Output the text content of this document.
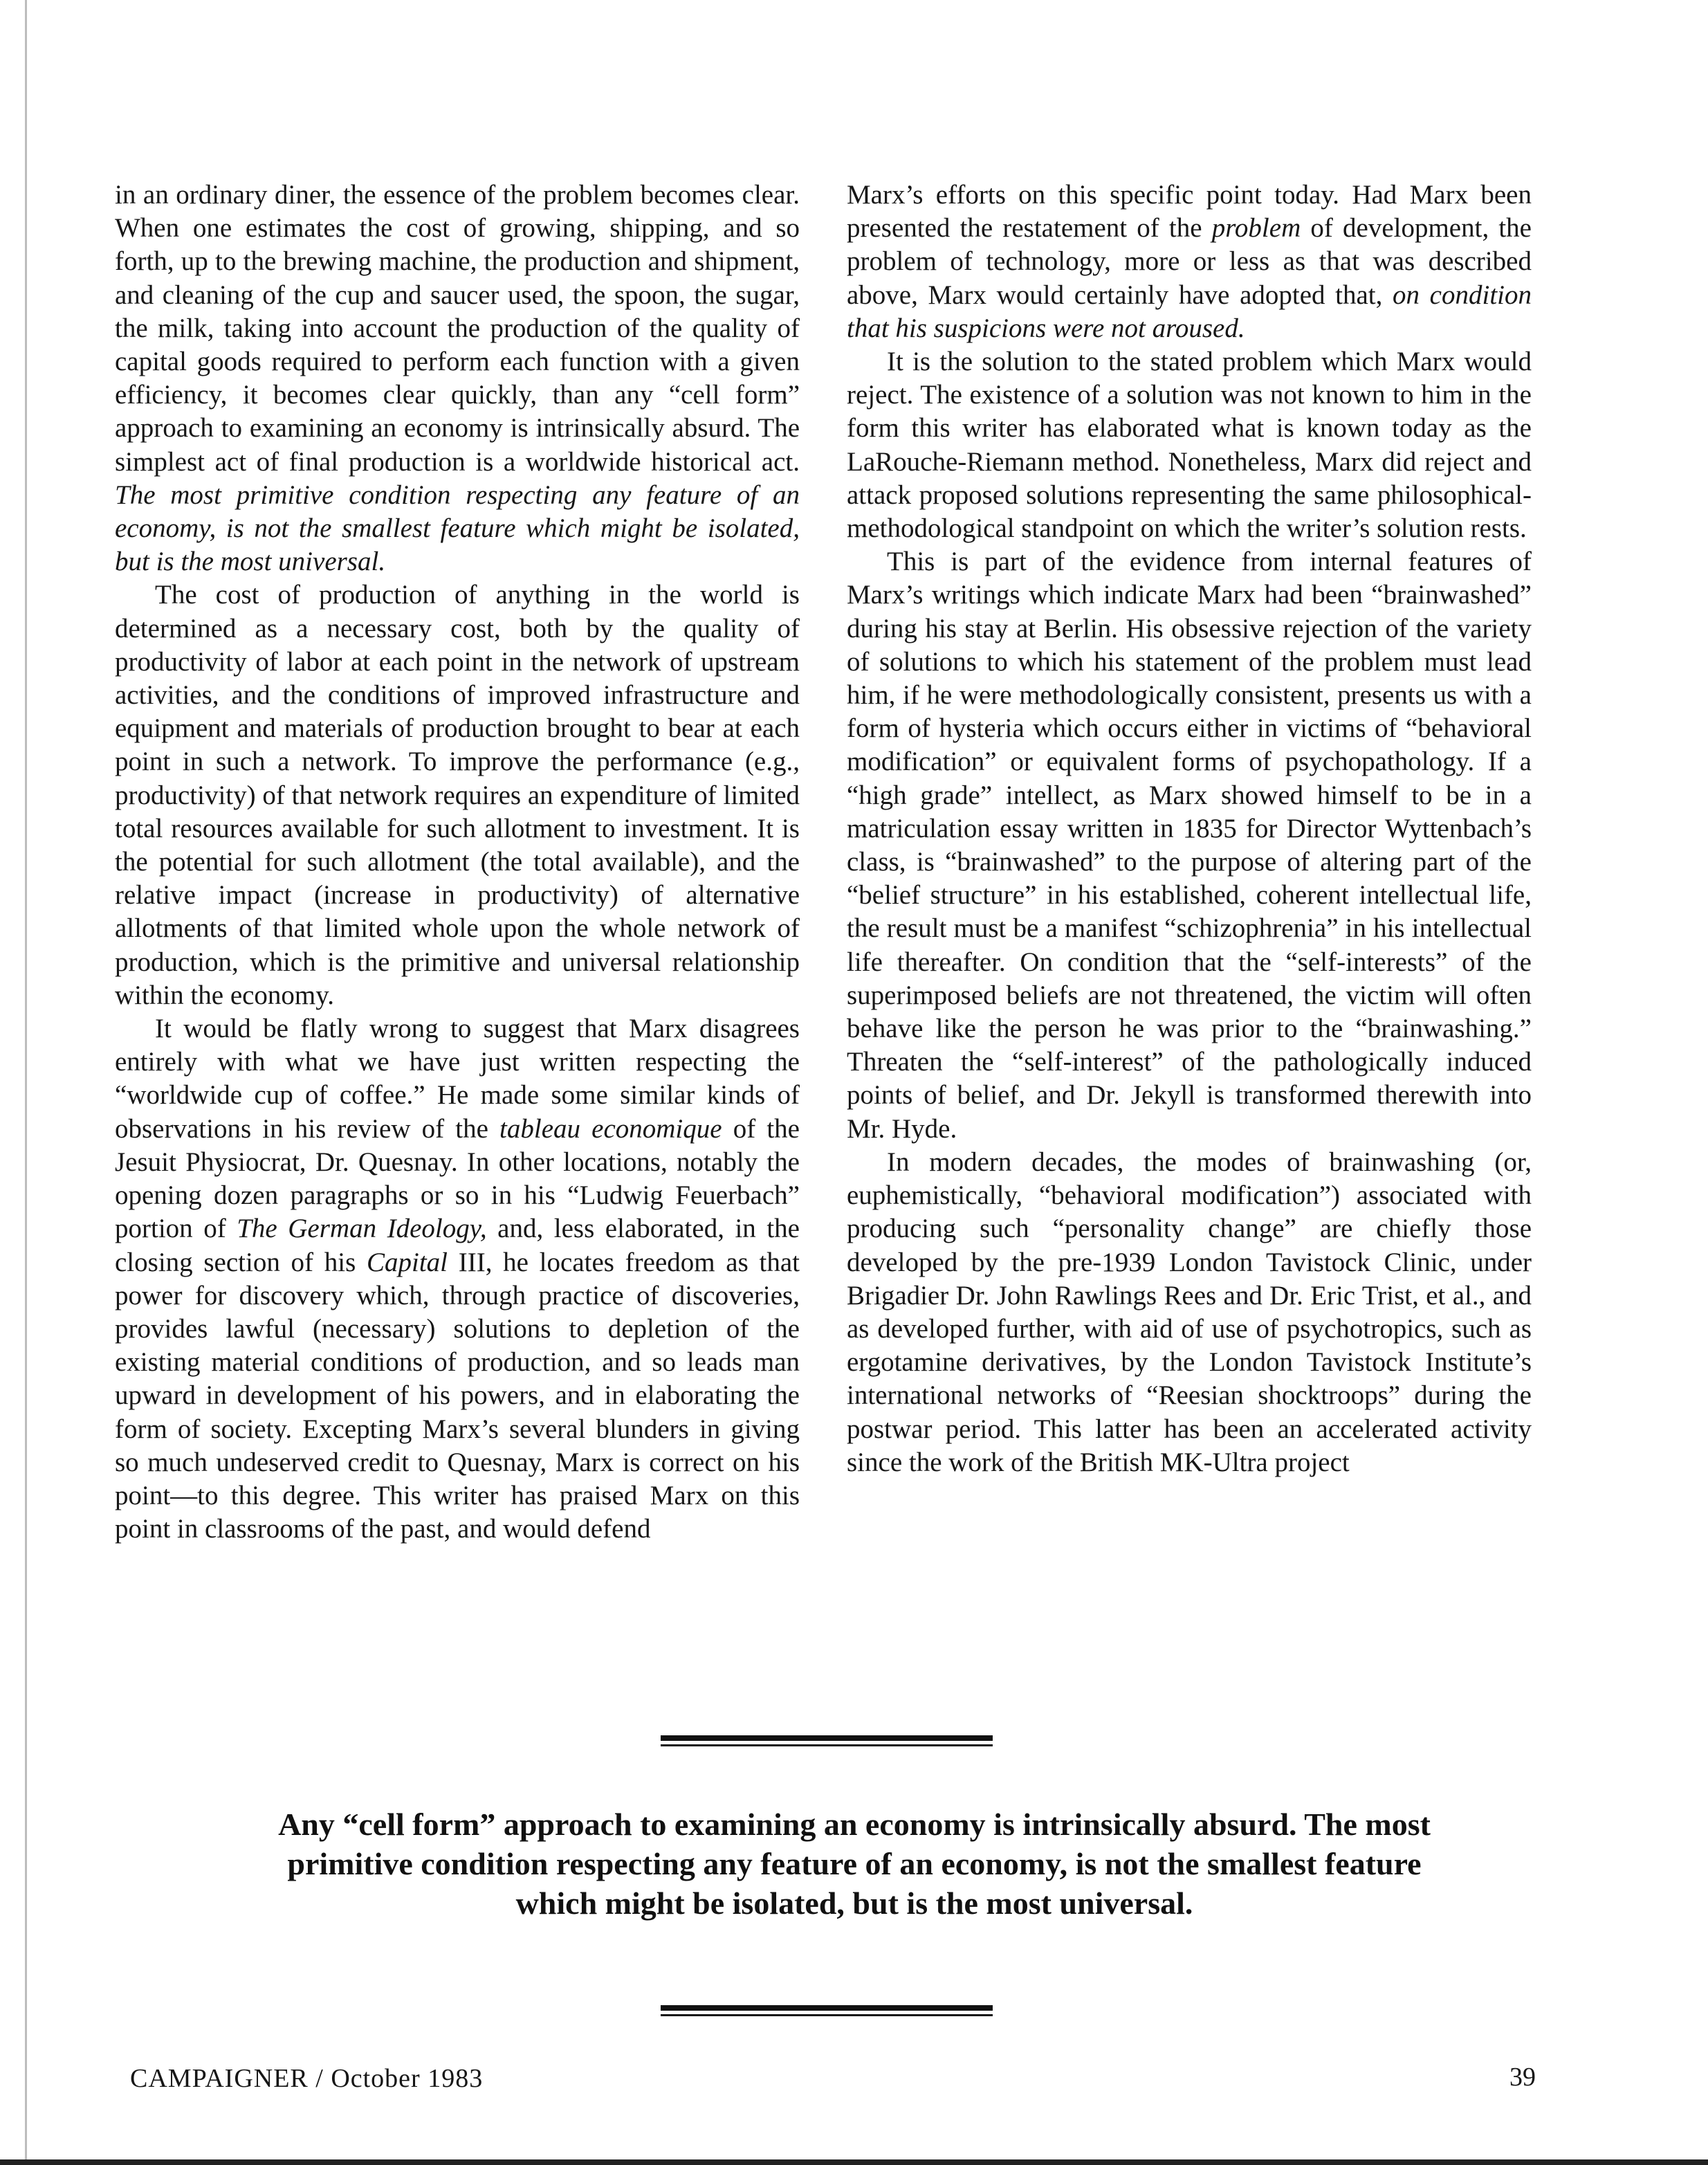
in an ordinary diner, the essence of the problem becomes clear. When one estimates the cost of growing, shipping, and so forth, up to the brewing machine, the production and shipment, and cleaning of the cup and saucer used, the spoon, the sugar, the milk, taking into account the production of the quality of capital goods required to perform each function with a given efficiency, it becomes clear quickly, than any “cell form” approach to examining an economy is intrinsically absurd. The simplest act of final production is a worldwide historical act. The most primitive condition respecting any feature of an economy, is not the smallest feature which might be isolated, but is the most universal.

The cost of production of anything in the world is determined as a necessary cost, both by the quality of productivity of labor at each point in the network of upstream activities, and the conditions of improved infrastructure and equipment and materials of production brought to bear at each point in such a network. To improve the performance (e.g., productivity) of that network requires an expenditure of limited total resources available for such allotment to investment. It is the potential for such allotment (the total available), and the relative impact (increase in productivity) of alternative allotments of that limited whole upon the whole network of production, which is the primitive and universal relationship within the economy.

It would be flatly wrong to suggest that Marx disagrees entirely with what we have just written respecting the “worldwide cup of coffee.” He made some similar kinds of observations in his review of the tableau economique of the Jesuit Physiocrat, Dr. Quesnay. In other locations, notably the opening dozen paragraphs or so in his “Ludwig Feuerbach” portion of The German Ideology, and, less elaborated, in the closing section of his Capital III, he locates freedom as that power for discovery which, through practice of discoveries, provides lawful (necessary) solutions to depletion of the existing material conditions of production, and so leads man upward in development of his powers, and in elaborating the form of society. Excepting Marx’s several blunders in giving so much undeserved credit to Quesnay, Marx is correct on his point—to this degree. This writer has praised Marx on this point in classrooms of the past, and would defend

Marx’s efforts on this specific point today. Had Marx been presented the restatement of the problem of development, the problem of technology, more or less as that was described above, Marx would certainly have adopted that, on condition that his suspicions were not aroused.

It is the solution to the stated problem which Marx would reject. The existence of a solution was not known to him in the form this writer has elaborated what is known today as the LaRouche-Riemann method. Nonetheless, Marx did reject and attack proposed solutions representing the same philosophical-methodological standpoint on which the writer’s solution rests.

This is part of the evidence from internal features of Marx’s writings which indicate Marx had been “brainwashed” during his stay at Berlin. His obsessive rejection of the variety of solutions to which his statement of the problem must lead him, if he were methodologically consistent, presents us with a form of hysteria which occurs either in victims of “behavioral modification” or equivalent forms of psychopathology. If a “high grade” intellect, as Marx showed himself to be in a matriculation essay written in 1835 for Director Wyttenbach’s class, is “brainwashed” to the purpose of altering part of the “belief structure” in his established, coherent intellectual life, the result must be a manifest “schizophrenia” in his intellectual life thereafter. On condition that the “self-interests” of the superimposed beliefs are not threatened, the victim will often behave like the person he was prior to the “brainwashing.” Threaten the “self-interest” of the pathologically induced points of belief, and Dr. Jekyll is transformed therewith into Mr. Hyde.

In modern decades, the modes of brainwashing (or, euphemistically, “behavioral modification”) associated with producing such “personality change” are chiefly those developed by the pre-1939 London Tavistock Clinic, under Brigadier Dr. John Rawlings Rees and Dr. Eric Trist, et al., and as developed further, with aid of use of psychotropics, such as ergotamine derivatives, by the London Tavistock Institute’s international networks of “Reesian shocktroops” during the postwar period. This latter has been an accelerated activity since the work of the British MK-Ultra project

Any “cell form” approach to examining an economy is intrinsically absurd. The most primitive condition respecting any feature of an economy, is not the smallest feature which might be isolated, but is the most universal.
CAMPAIGNER / October 1983	39
